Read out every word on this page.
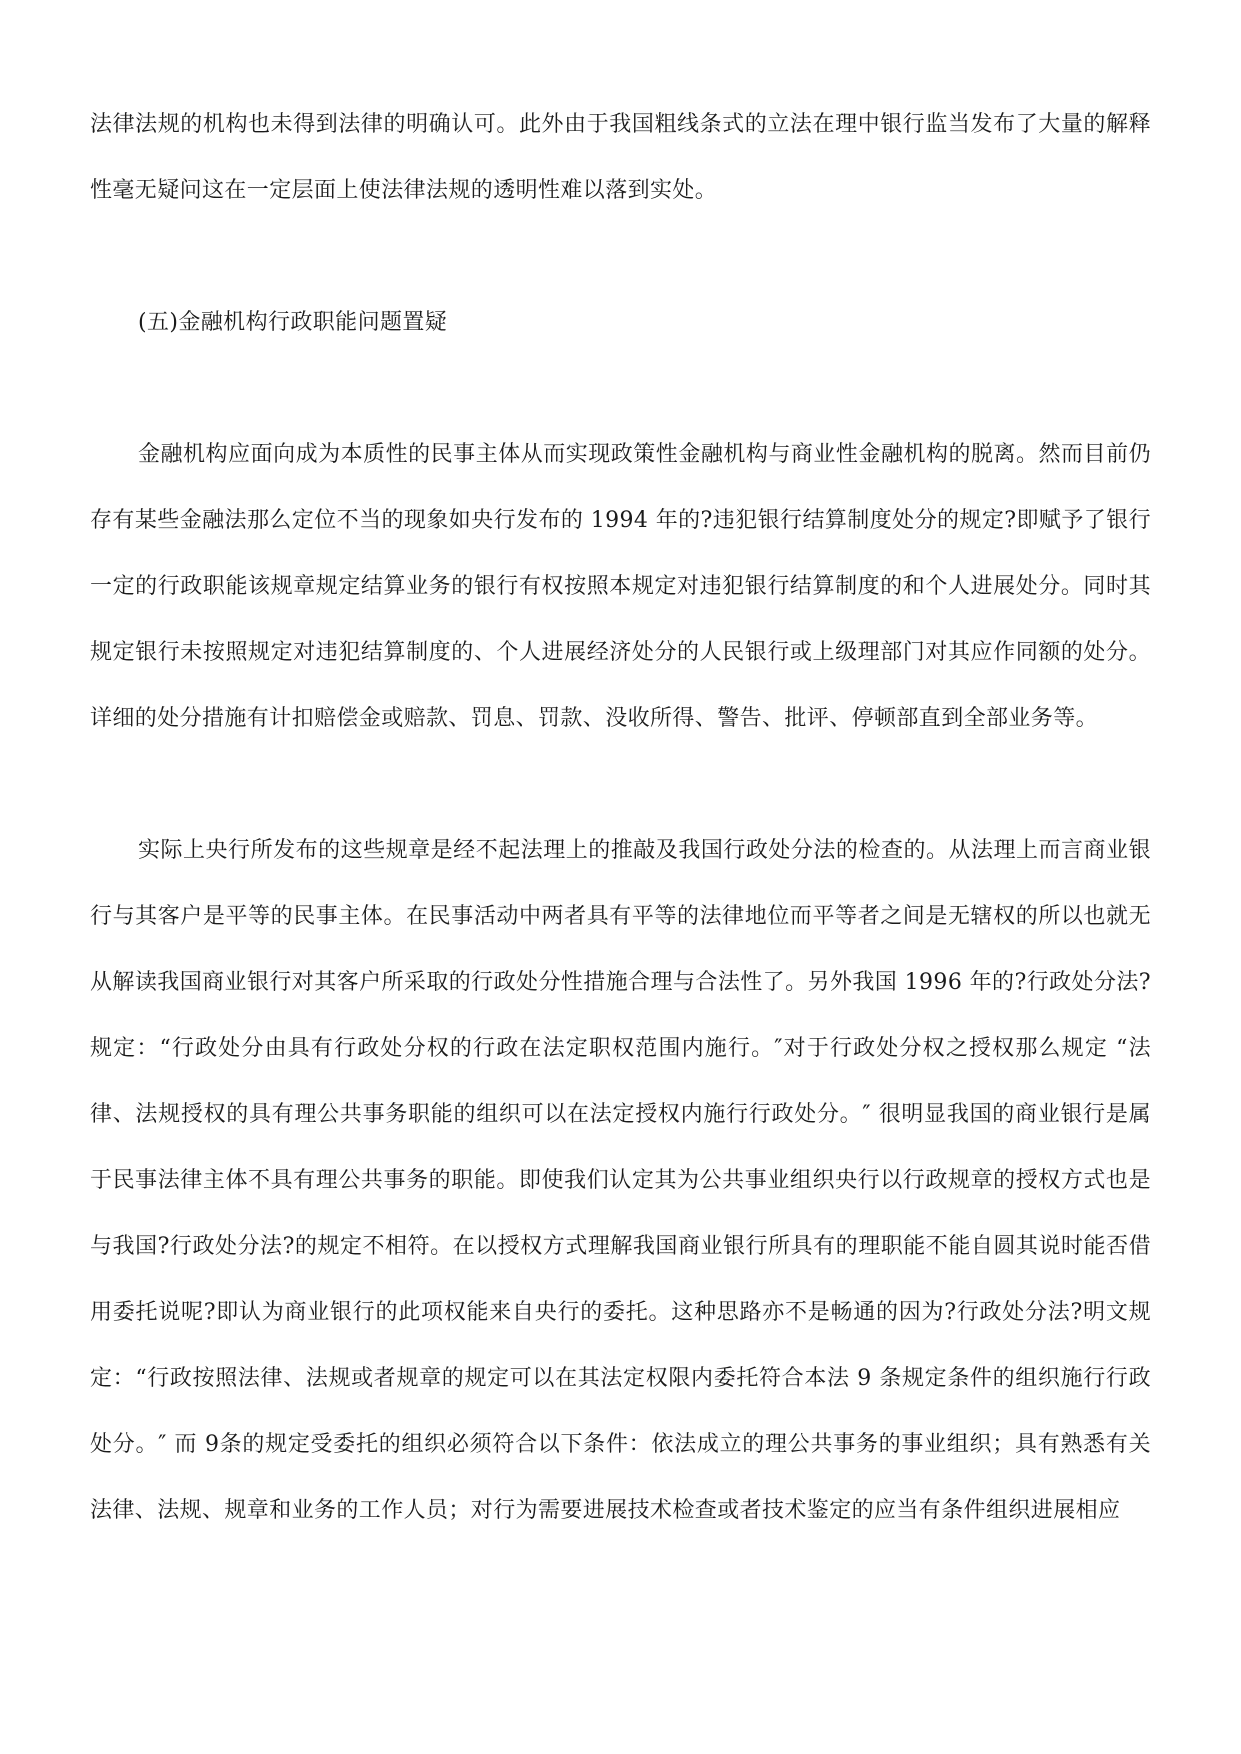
法律法规的机构也未得到法律的明确认可。此外由于我国粗线条式的立法在理中银行监当发布了大量的解释性毫无疑问这在一定层面上使法律法规的透明性难以落到实处。

(五)金融机构行政职能问题置疑

金融机构应面向成为本质性的民事主体从而实现政策性金融机构与商业性金融机构的脱离。然而目前仍存有某些金融法那么定位不当的现象如央行发布的 1994 年的?违犯银行结算制度处分的规定?即赋予了银行一定的行政职能该规章规定结算业务的银行有权按照本规定对违犯银行结算制度的和个人进展处分。同时其规定银行未按照规定对违犯结算制度的、个人进展经济处分的人民银行或上级理部门对其应作同额的处分。详细的处分措施有计扣赔偿金或赔款、罚息、罚款、没收所得、警告、批评、停顿部直到全部业务等。

实际上央行所发布的这些规章是经不起法理上的推敲及我国行政处分法的检查的。从法理上而言商业银行与其客户是平等的民事主体。在民事活动中两者具有平等的法律地位而平等者之间是无辖权的所以也就无从解读我国商业银行对其客户所采取的行政处分性措施合理与合法性了。另外我国 1996 年的?行政处分法?规定：“行政处分由具有行政处分权的行政在法定职权范围内施行。″对于行政处分权之授权那么规定 “法律、法规授权的具有理公共事务职能的组织可以在法定授权内施行行政处分。″ 很明显我国的商业银行是属于民事法律主体不具有理公共事务的职能。即使我们认定其为公共事业组织央行以行政规章的授权方式也是与我国?行政处分法?的规定不相符。在以授权方式理解我国商业银行所具有的理职能不能自圆其说时能否借用委托说呢?即认为商业银行的此项权能来自央行的委托。这种思路亦不是畅通的因为?行政处分法?明文规定：“行政按照法律、法规或者规章的规定可以在其法定权限内委托符合本法 9 条规定条件的组织施行行政处分。″ 而 9条的规定受委托的组织必须符合以下条件：依法成立的理公共事务的事业组织；具有熟悉有关法律、法规、规章和业务的工作人员；对行为需要进展技术检查或者技术鉴定的应当有条件组织进展相应
